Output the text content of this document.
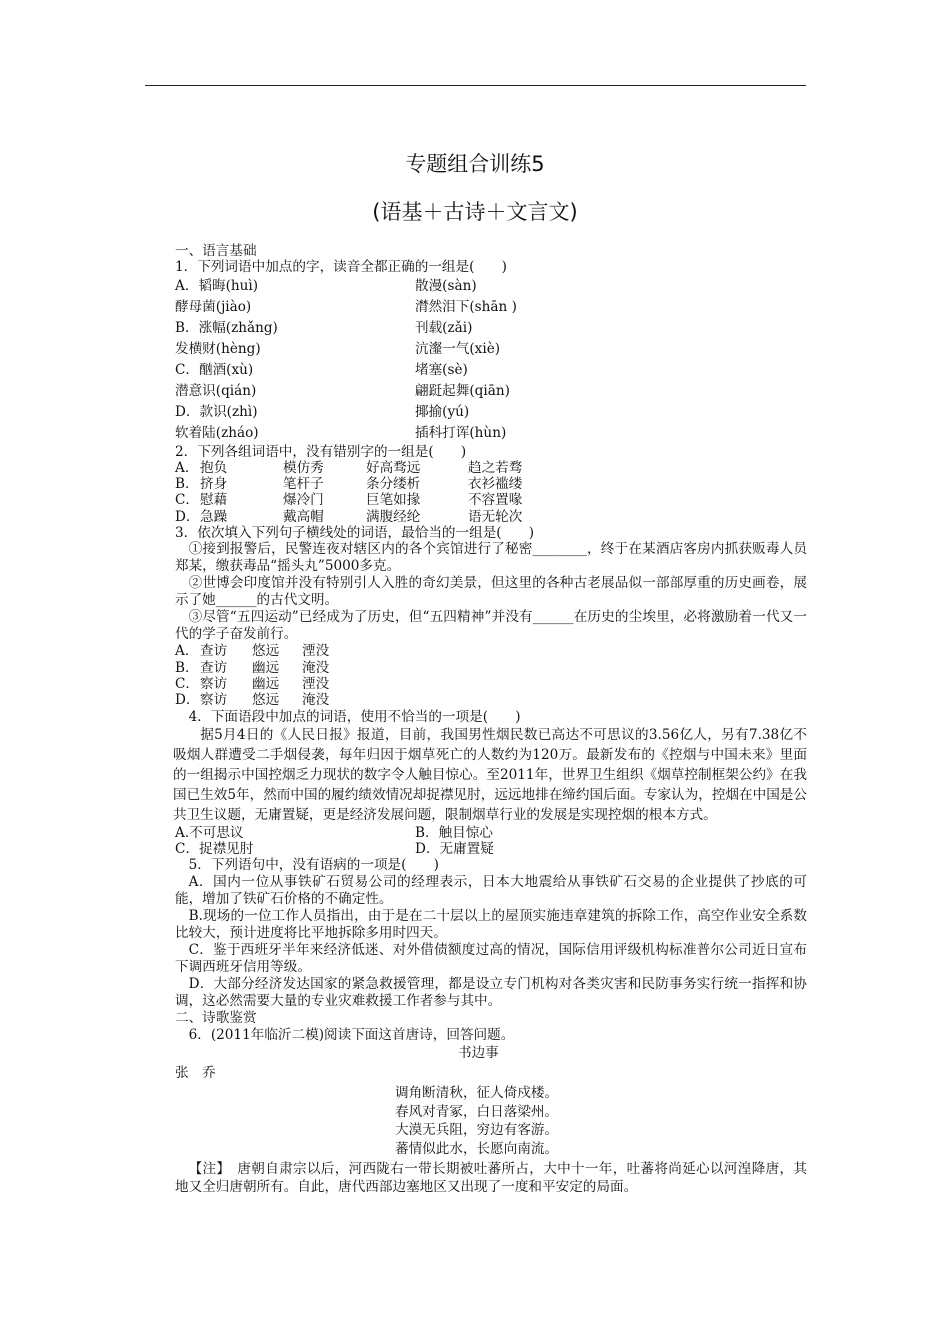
专题组合训练5
(语基＋古诗＋文言文)
一、语言基础
1．下列词语中加点的字，读音全都正确的一组是(　　)
A．韬晦(huì)	散漫(sàn)
酵母菌(jiào)	潸然泪下(shān )
B．涨幅(zhǎng)	刊载(zǎi)
发横财(hèng)	沆瀣一气(xiè)
C．酗酒(xù)	堵塞(sè)
潜意识(qián)	翩跹起舞(qiān)
D．款识(zhì)	揶揄(yú)
软着陆(zháo)	插科打诨(hùn)
2．下列各组词语中，没有错别字的一组是(　　)
A． 抱负	模仿秀	好高骛远	趋之若骛
B． 挤身	笔杆子	条分缕析	衣衫褴缕
C． 慰藉	爆冷门	巨笔如掾	不容置喙
D． 急躁	戴高帽	满腹经纶	语无轮次
3．依次填入下列句子横线处的词语，最恰当的一组是(　　)
①接到报警后，民警连夜对辖区内的各个宾馆进行了秘密________，终于在某酒店客房内抓获贩毒人员郑某，缴获毒品“摇头丸”5000多克。
②世博会印度馆并没有特别引人入胜的奇幻美景，但这里的各种古老展品似一部部厚重的历史画卷，展示了她______的古代文明。
③尽管“五四运动”已经成为了历史，但“五四精神”并没有______在历史的尘埃里，必将激励着一代又一代的学子奋发前行。
A． 查访	悠远	湮没
B． 查访	幽远	淹没
C． 察访	幽远	湮没
D． 察访	悠远	淹没
4．下面语段中加点的词语，使用不恰当的一项是(　　)
据5月4日的《人民日报》报道，目前，我国男性烟民数已高达不可思议的3.56亿人，另有7.38亿不吸烟人群遭受二手烟侵袭，每年归因于烟草死亡的人数约为120万。最新发布的《控烟与中国未来》里面的一组揭示中国控烟乏力现状的数字令人触目惊心。至2011年，世界卫生组织《烟草控制框架公约》在我国已生效5年，然而中国的履约绩效情况却捉襟见肘，远远地排在缔约国后面。专家认为，控烟在中国是公共卫生议题，无庸置疑，更是经济发展问题，限制烟草行业的发展是实现控烟的根本方式。
A.不可思议	B．触目惊心
C．捉襟见肘	D．无庸置疑
5．下列语句中，没有语病的一项是(　　)
A．国内一位从事铁矿石贸易公司的经理表示，日本大地震给从事铁矿石交易的企业提供了抄底的可能，增加了铁矿石价格的不确定性。
B.现场的一位工作人员指出，由于是在二十层以上的屋顶实施违章建筑的拆除工作，高空作业安全系数比较大，预计进度将比平地拆除多用时四天。
C．鉴于西班牙半年来经济低迷、对外借债额度过高的情况，国际信用评级机构标准普尔公司近日宣布下调西班牙信用等级。
D．大部分经济发达国家的紧急救援管理，都是设立专门机构对各类灾害和民防事务实行统一指挥和协调，这必然需要大量的专业灾难救援工作者参与其中。
二、诗歌鉴赏
6．(2011年临沂二模)阅读下面这首唐诗，回答问题。
书边事
张　乔
调角断清秋，征人倚戍楼。
春风对青冢，白日落梁州。
大漠无兵阻，穷边有客游。
蕃情似此水，长愿向南流。
【注】　唐朝自肃宗以后，河西陇右一带长期被吐蕃所占，大中十一年，吐蕃将尚延心以河湟降唐，其地又全归唐朝所有。自此，唐代西部边塞地区又出现了一度和平安定的局面。
